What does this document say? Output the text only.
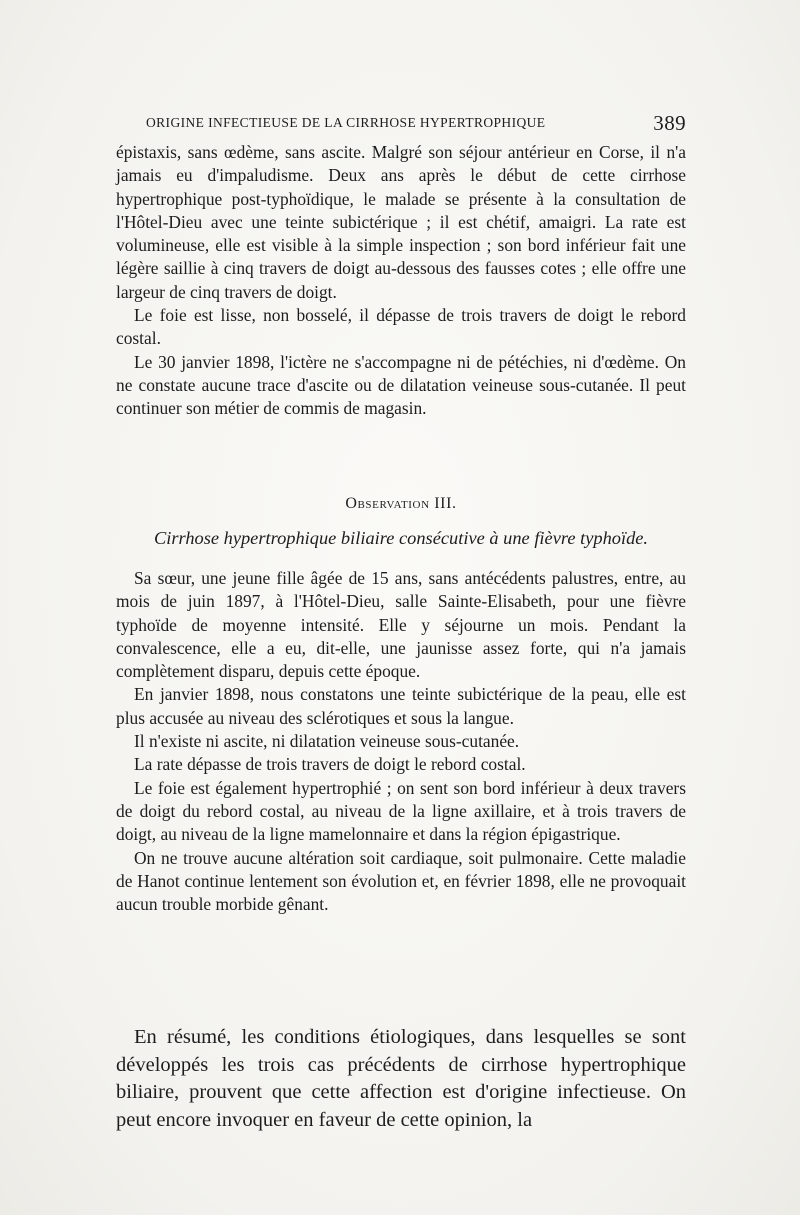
ORIGINE INFECTIEUSE DE LA CIRRHOSE HYPERTROPHIQUE	389

épistaxis, sans œdème, sans ascite. Malgré son séjour antérieur en Corse, il n'a jamais eu d'impaludisme. Deux ans après le début de cette cirrhose hypertrophique post-typhoïdique, le malade se présente à la consultation de l'Hôtel-Dieu avec une teinte subictérique ; il est chétif, amaigri. La rate est volumineuse, elle est visible à la simple inspection ; son bord inférieur fait une légère saillie à cinq travers de doigt au-dessous des fausses cotes ; elle offre une largeur de cinq travers de doigt.

Le foie est lisse, non bosselé, il dépasse de trois travers de doigt le rebord costal.

Le 30 janvier 1898, l'ictère ne s'accompagne ni de pétéchies, ni d'œdème. On ne constate aucune trace d'ascite ou de dilatation veineuse sous-cutanée. Il peut continuer son métier de commis de magasin.

Observation III.
Cirrhose hypertrophique biliaire consécutive à une fièvre typhoïde.

Sa sœur, une jeune fille âgée de 15 ans, sans antécédents palustres, entre, au mois de juin 1897, à l'Hôtel-Dieu, salle Sainte-Elisabeth, pour une fièvre typhoïde de moyenne intensité. Elle y séjourne un mois. Pendant la convalescence, elle a eu, dit-elle, une jaunisse assez forte, qui n'a jamais complètement disparu, depuis cette époque.

En janvier 1898, nous constatons une teinte subictérique de la peau, elle est plus accusée au niveau des sclérotiques et sous la langue.

Il n'existe ni ascite, ni dilatation veineuse sous-cutanée.

La rate dépasse de trois travers de doigt le rebord costal.

Le foie est également hypertrophié ; on sent son bord inférieur à deux travers de doigt du rebord costal, au niveau de la ligne axillaire, et à trois travers de doigt, au niveau de la ligne mamelonnaire et dans la région épigastrique.

On ne trouve aucune altération soit cardiaque, soit pulmonaire. Cette maladie de Hanot continue lentement son évolution et, en février 1898, elle ne provoquait aucun trouble morbide gênant.

En résumé, les conditions étiologiques, dans lesquelles se sont développés les trois cas précédents de cirrhose hypertrophique biliaire, prouvent que cette affection est d'origine infectieuse. On peut encore invoquer en faveur de cette opinion, la
